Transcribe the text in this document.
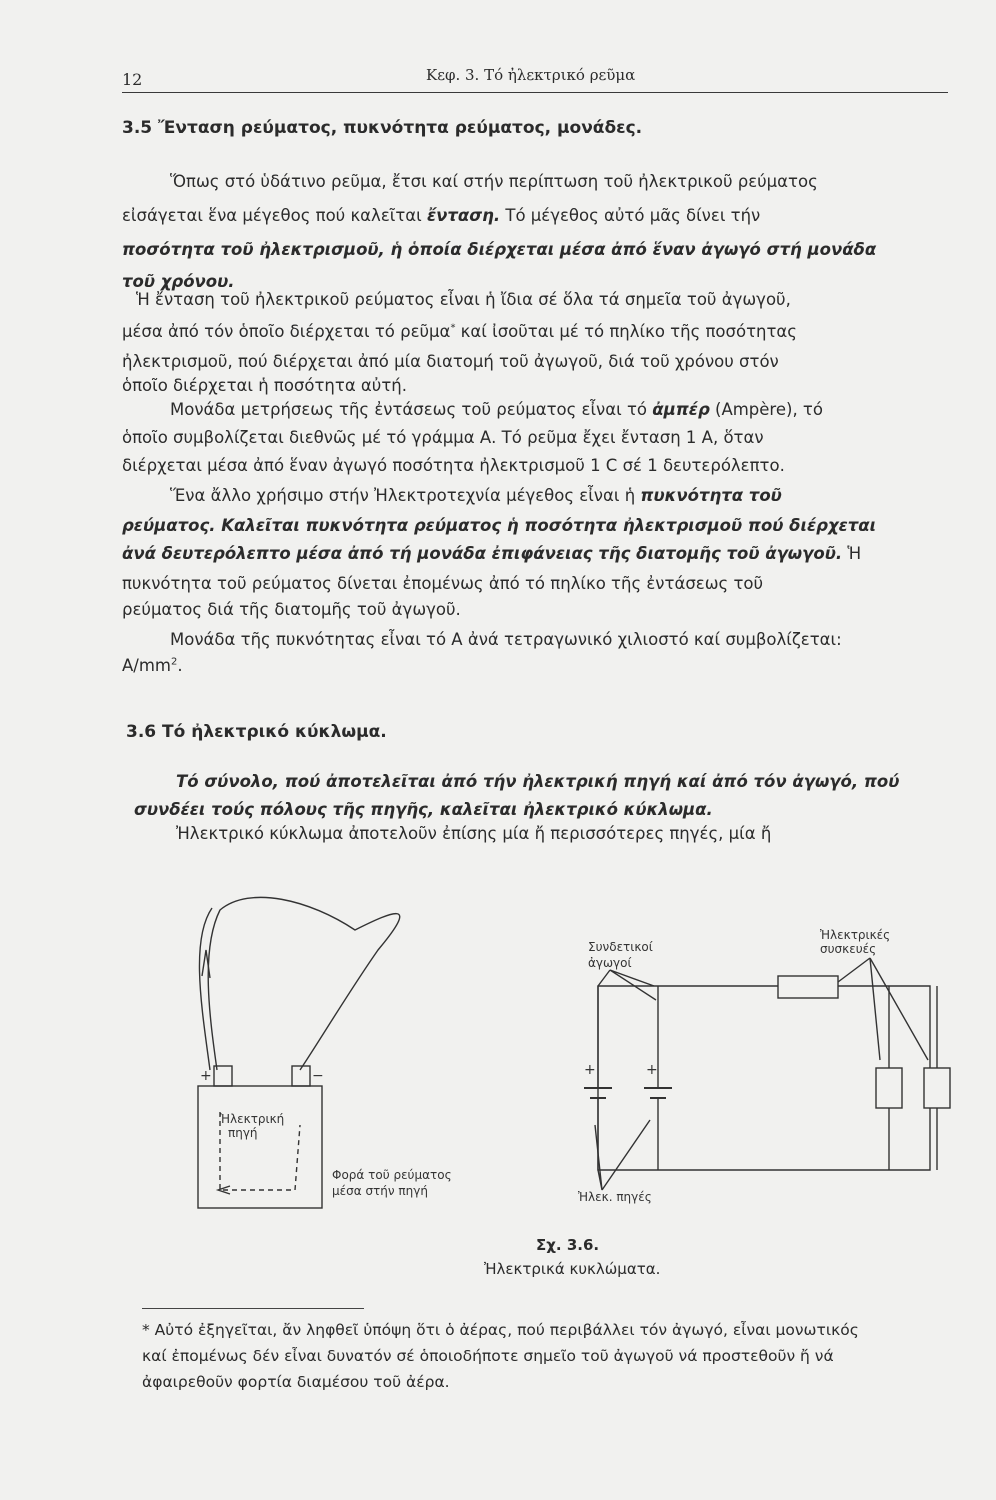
12	Κεφ. 3. Τό ἠλεκτρικό ρεῦμα
3.5 Ἔνταση ρεύματος, πυκνότητα ρεύματος, μονάδες.
Ὅπως στό ὑδάτινο ρεῦμα, ἔτσι καί στήν περίπτωση τοῦ ἠλεκτρικοῦ ρεύματος
εἰσάγεται ἕνα μέγεθος πού καλεῖται ἔνταση. Τό μέγεθος αὐτό μᾶς δίνει τήν
ποσότητα τοῦ ἠλεκτρισμοῦ, ἡ ὁποία διέρχεται μέσα ἀπό ἕναν ἀγωγό στή μονάδα
τοῦ χρόνου.
Ἡ ἔνταση τοῦ ἠλεκτρικοῦ ρεύματος εἶναι ἡ ἴδια σέ ὅλα τά σημεῖα τοῦ ἀγωγοῦ,
μέσα ἀπό τόν ὁποῖο διέρχεται τό ρεῦμα* καί ἰσοῦται μέ τό πηλίκο τῆς ποσότητας
ἠλεκτρισμοῦ, πού διέρχεται ἀπό μία διατομή τοῦ ἀγωγοῦ, διά τοῦ χρόνου στόν
ὁποῖο διέρχεται ἡ ποσότητα αὐτή.
Μονάδα μετρήσεως τῆς ἐντάσεως τοῦ ρεύματος εἶναι τό ἀμπέρ (Ampère), τό
ὁποῖο συμβολίζεται διεθνῶς μέ τό γράμμα Α. Τό ρεῦμα ἔχει ἔνταση 1 Α, ὅταν
διέρχεται μέσα ἀπό ἕναν ἀγωγό ποσότητα ἠλεκτρισμοῦ 1 C σέ 1 δευτερόλεπτο.
Ἕνα ἄλλο χρήσιμο στήν Ἠλεκτροτεχνία μέγεθος εἶναι ἡ πυκνότητα τοῦ
ρεύματος. Καλεῖται πυκνότητα ρεύματος ἡ ποσότητα ἠλεκτρισμοῦ πού διέρχεται
ἀνά δευτερόλεπτο μέσα ἀπό τή μονάδα ἐπιφάνειας τῆς διατομῆς τοῦ ἀγωγοῦ. Ἡ
πυκνότητα τοῦ ρεύματος δίνεται ἐπομένως ἀπό τό πηλίκο τῆς ἐντάσεως τοῦ
ρεύματος διά τῆς διατομῆς τοῦ ἀγωγοῦ.
Μονάδα τῆς πυκνότητας εἶναι τό Α ἀνά τετραγωνικό χιλιοστό καί συμβολίζεται:
$A/mm^2$.
3.6 Τό ἠλεκτρικό κύκλωμα.
Τό σύνολο, πού ἀποτελεῖται ἀπό τήν ἠλεκτρική πηγή καί ἀπό τόν ἀγωγό, πού
συνδέει τούς πόλους τῆς πηγῆς, καλεῖται ἠλεκτρικό κύκλωμα.
Ἠλεκτρικό κύκλωμα ἀποτελοῦν ἐπίσης μία ἤ περισσότερες πηγές, μία ἤ
Ἠλεκτρική
πηγή
+	−
Φορά τοῦ ρεύματος
μέσα στήν πηγή
Συνδετικοί
ἀγωγοί
Ἠλεκτρικές
συσκευές
+	+
Ἠλεκ. πηγές
Σχ. 3.6.
Ἠλεκτρικά κυκλώματα.
* Αὐτό ἐξηγεῖται, ἄν ληφθεῖ ὑπόψη ὅτι ὁ ἀέρας, πού περιβάλλει τόν ἀγωγό, εἶναι μονωτικός
καί ἐπομένως δέν εἶναι δυνατόν σέ ὁποιοδήποτε σημεῖο τοῦ ἀγωγοῦ νά προστεθοῦν ἤ νά
ἀφαιρεθοῦν φορτία διαμέσου τοῦ ἀέρα.
